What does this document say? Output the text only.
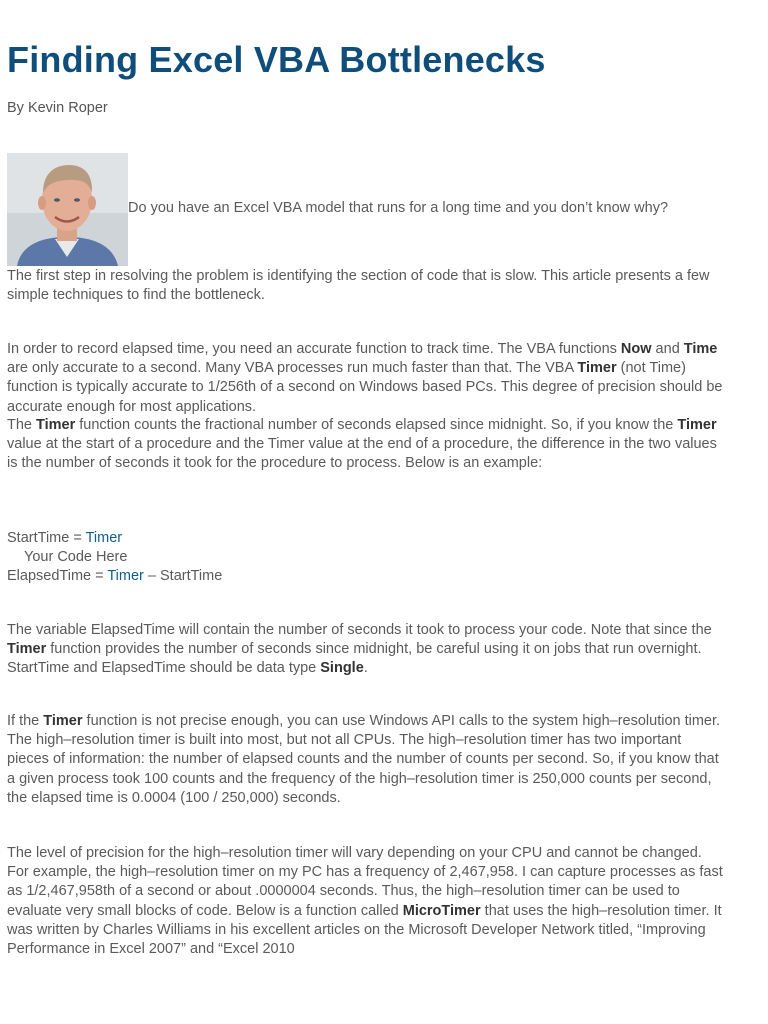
Finding Excel VBA Bottlenecks
By Kevin Roper
Do you have an Excel VBA model that runs for a long time and you don’t know why?

The first step in resolving the problem is identifying the section of code that is slow. This article presents a few simple techniques to find the bottleneck.

In order to record elapsed time, you need an accurate function to track time. The VBA functions Now and Time are only accurate to a second. Many VBA processes run much faster than that. The VBA Timer (not Time) function is typically accurate to 1/256th of a second on Windows based PCs. This degree of precision should be accurate enough for most applications.

The Timer function counts the fractional number of seconds elapsed since midnight. So, if you know the Timer value at the start of a procedure and the Timer value at the end of a procedure, the difference in the two values is the number of seconds it took for the procedure to process. Below is an example:

StartTime = Timer
Your Code Here
ElapsedTime = Timer – StartTime

The variable ElapsedTime will contain the number of seconds it took to process your code. Note that since the Timer function provides the number of seconds since midnight, be careful using it on jobs that run overnight. StartTime and ElapsedTime should be data type Single.

If the Timer function is not precise enough, you can use Windows API calls to the system high–resolution timer. The high–resolution timer is built into most, but not all CPUs. The high–resolution timer has two important pieces of information: the number of elapsed counts and the number of counts per second. So, if you know that a given process took 100 counts and the frequency of the high–resolution timer is 250,000 counts per second, the elapsed time is 0.0004 (100 / 250,000) seconds.

The level of precision for the high–resolution timer will vary depending on your CPU and cannot be changed. For example, the high–resolution timer on my PC has a frequency of 2,467,958. I can capture processes as fast as 1/2,467,958th of a second or about .0000004 seconds. Thus, the high–resolution timer can be used to evaluate very small blocks of code. Below is a function called MicroTimer that uses the high–resolution timer. It was written by Charles Williams in his excellent articles on the Microsoft Developer Network titled, “Improving Performance in Excel 2007” and “Excel 2010
